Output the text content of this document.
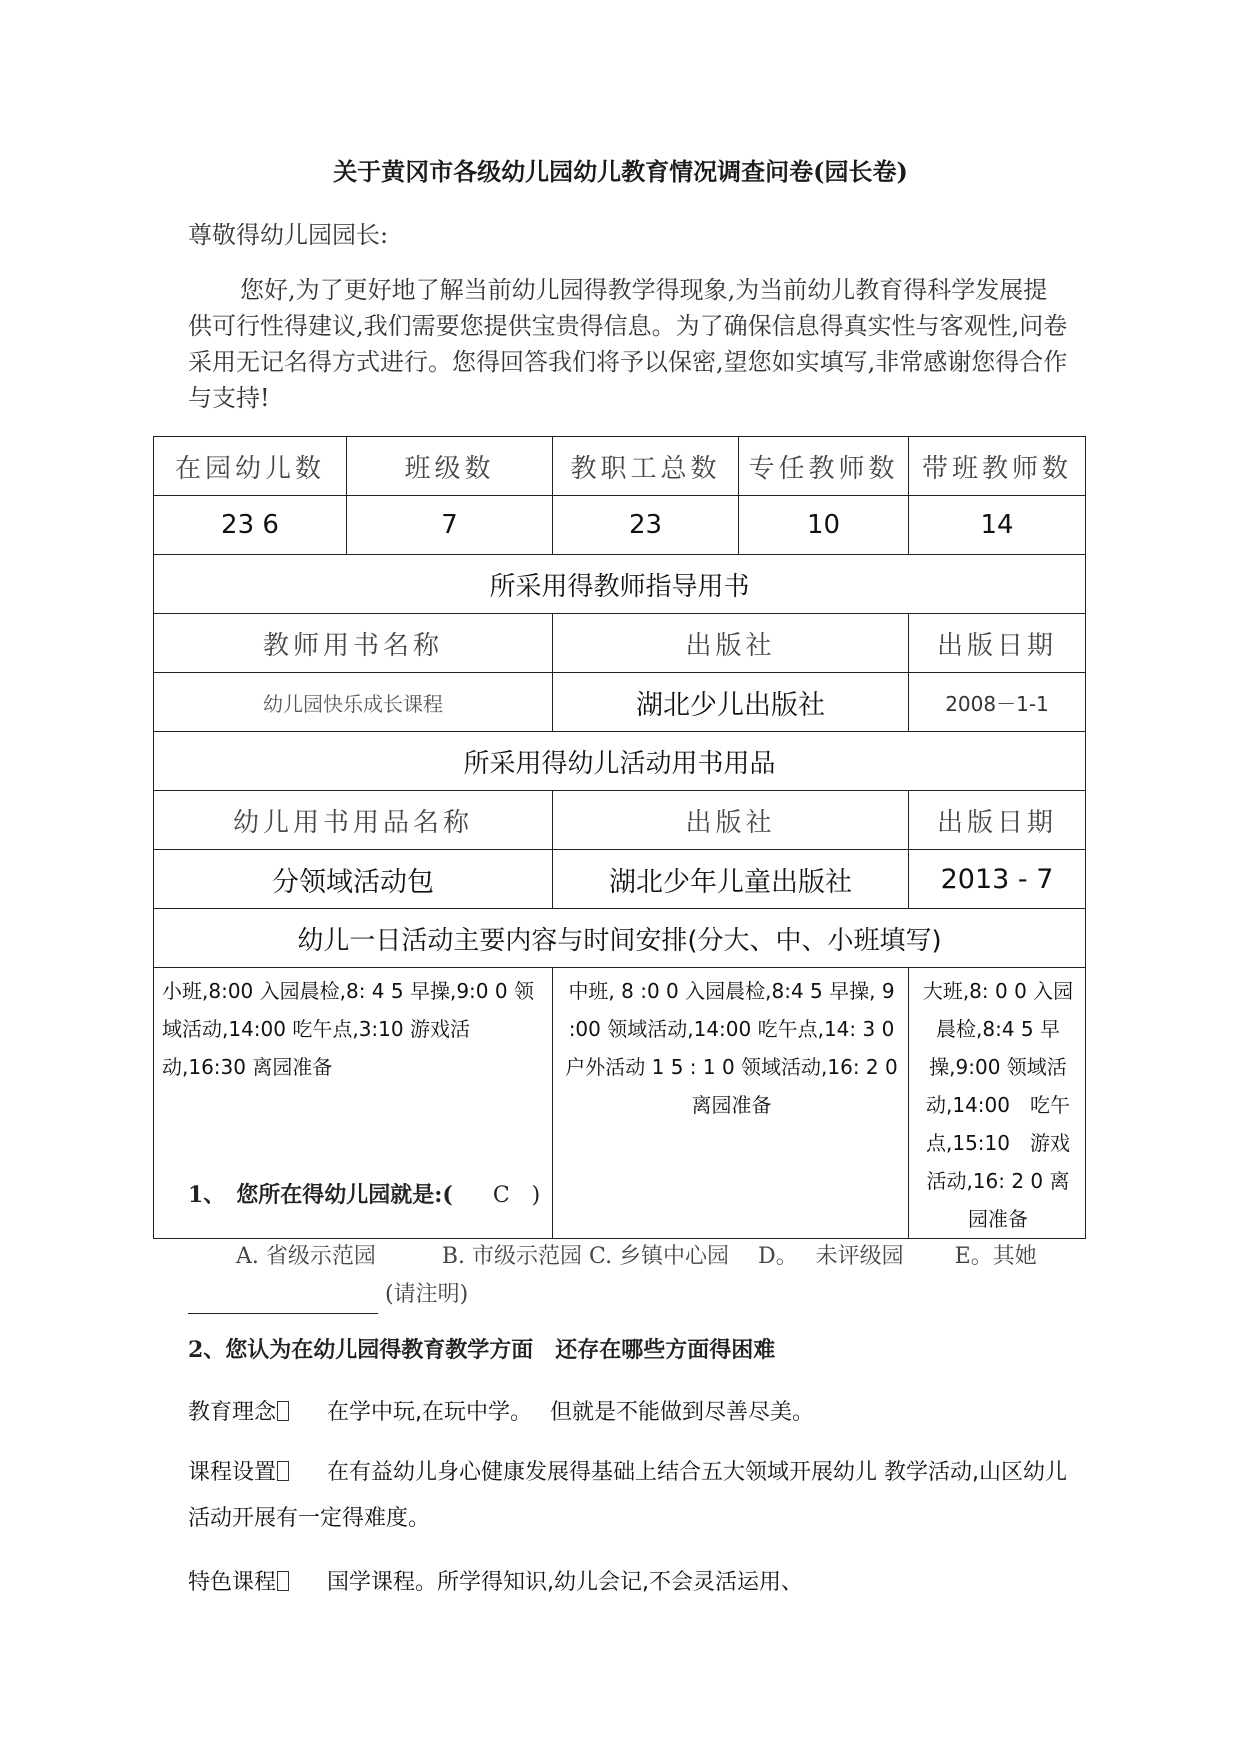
关于黄冈市各级幼儿园幼儿教育情况调查问卷(园长卷)
尊敬得幼儿园园长:
您好,为了更好地了解当前幼儿园得教学得现象,为当前幼儿教育得科学发展提供可行性得建议,我们需要您提供宝贵得信息。为了确保信息得真实性与客观性,问卷采用无记名得方式进行。您得回答我们将予以保密,望您如实填写,非常感谢您得合作与支持!
在园幼儿数	班级数	教职工总数	专任教师数	带班教师数
23 6	7	23	10	14
所采用得教师指导用书				
教师用书名称		出版社		出版日期
幼儿园快乐成长课程		湖北少儿出版社		2008－1-1
所采用得幼儿活动用书用品				
幼儿用书用品名称		出版社		出版日期
分领域活动包		湖北少年儿童出版社		2013 - 7
幼儿一日活动主要内容与时间安排(分大、中、小班填写)				
小班,8:00 入园晨检,8: 4 5 早操,9:0 0 领域活动,14:00 吃午点,3:10 游戏活动,16:30 离园准备		中班, 8 :0 0 入园晨检,8:4 5 早操, 9 :00 领域活动,14:00 吃午点,14: 3 0 户外活动 1 5 : 1 0 领域活动,16: 2 0离园准备		大班,8: 0 0 入园晨检,8:4 5 早操,9:00 领域活动,14:00　吃午点,15:10　游戏活动,16: 2 0 离园准备
1、　您所在得幼儿园就是:( C　)
A. 省级示范园　　　B. 市级示范园 C. 乡镇中心园　 D。　 未评级园　　 E。其她 (请注明)
2、您认为在幼儿园得教育教学方面　还存在哪些方面得困难
教育理念 在学中玩,在玩中学。　 但就是不能做到尽善尽美。
课程设置 在有益幼儿身心健康发展得基础上结合五大领域开展幼儿 教学活动,山区幼儿活动开展有一定得难度。
特色课程 国学课程。所学得知识,幼儿会记,不会灵活运用、
